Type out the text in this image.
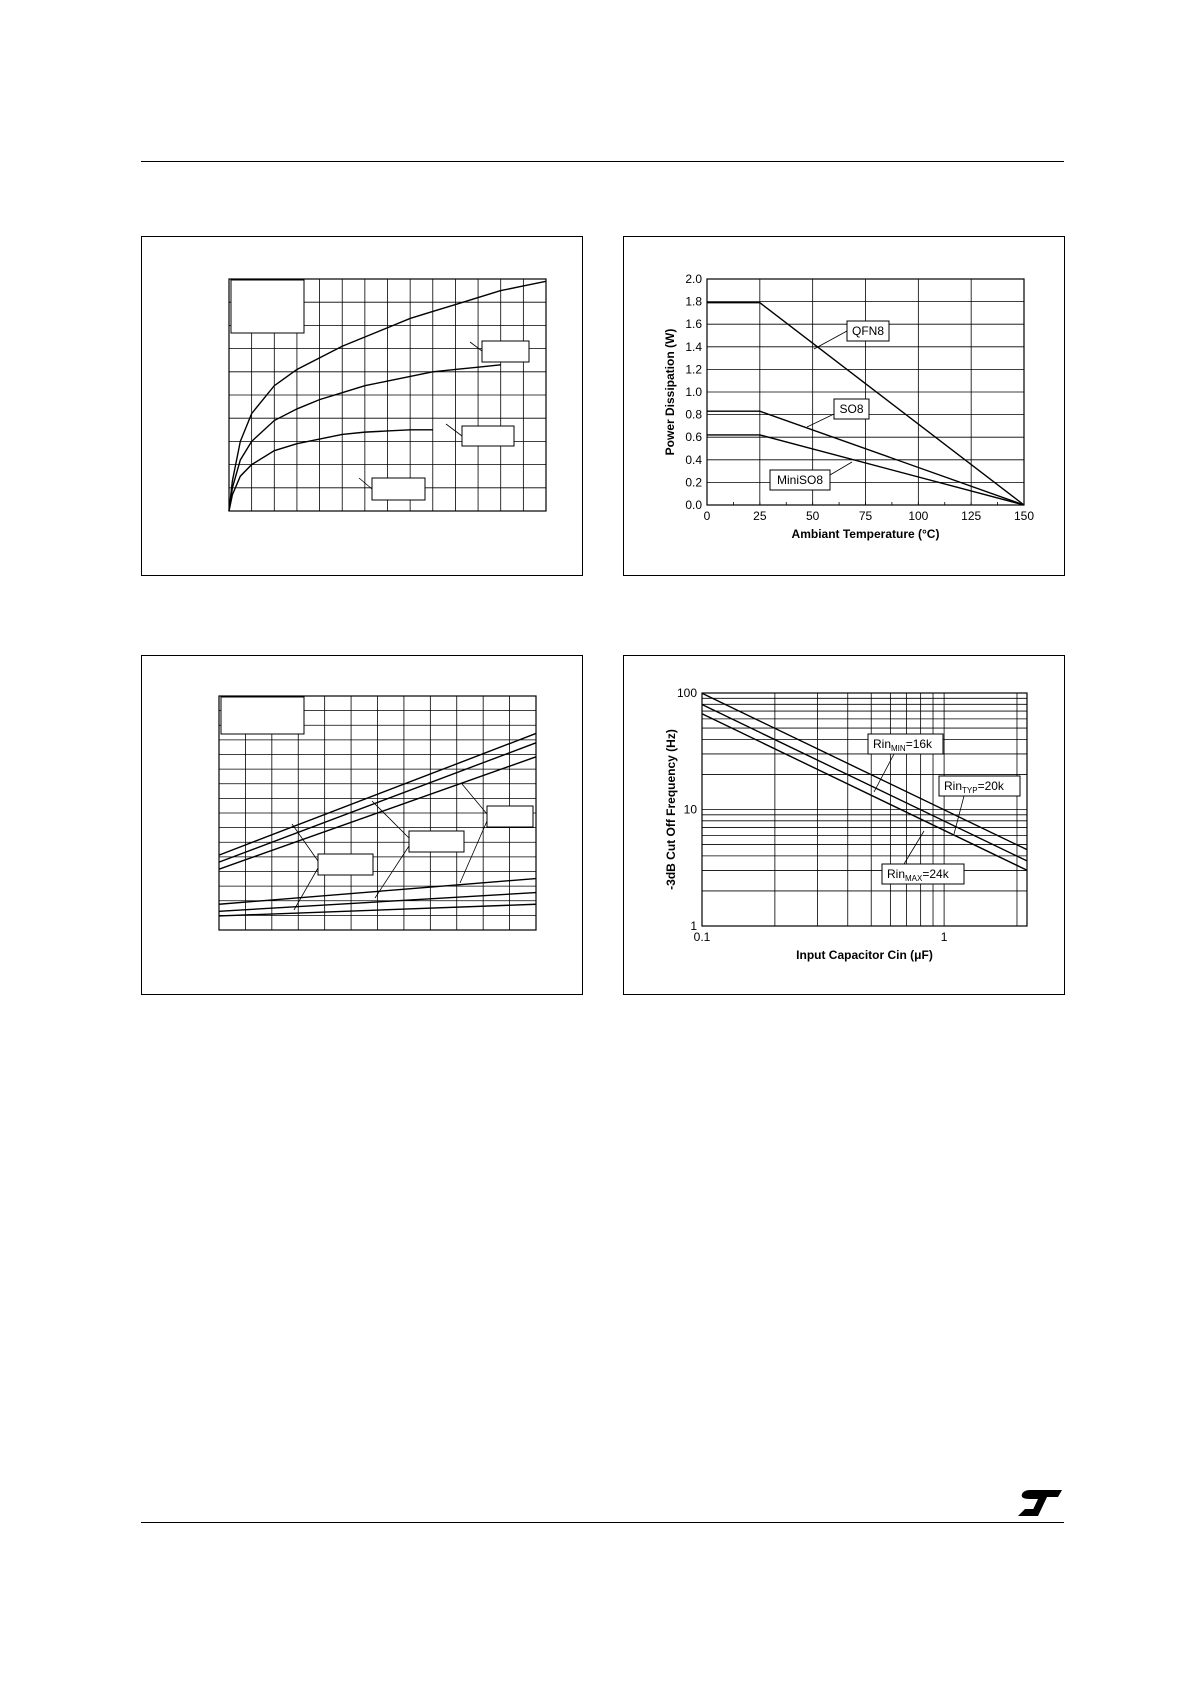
0	25	50	75	100	125	150
0.0
0.2
0.4
0.6
0.8
1.0
1.2
1.4
1.6
1.8
2.0
Ambiant Temperature (°C)
Power Dissipation (W)	QFN8
SO8
MiniSO8
0.1	1
1
10
100
Input Capacitor Cin (μF)
-3dB Cut Off Frequency (Hz)	Rin$_{MIN}$=16k
Rin$_{TYP}$=20k
Rin$_{MAX}$=24k
